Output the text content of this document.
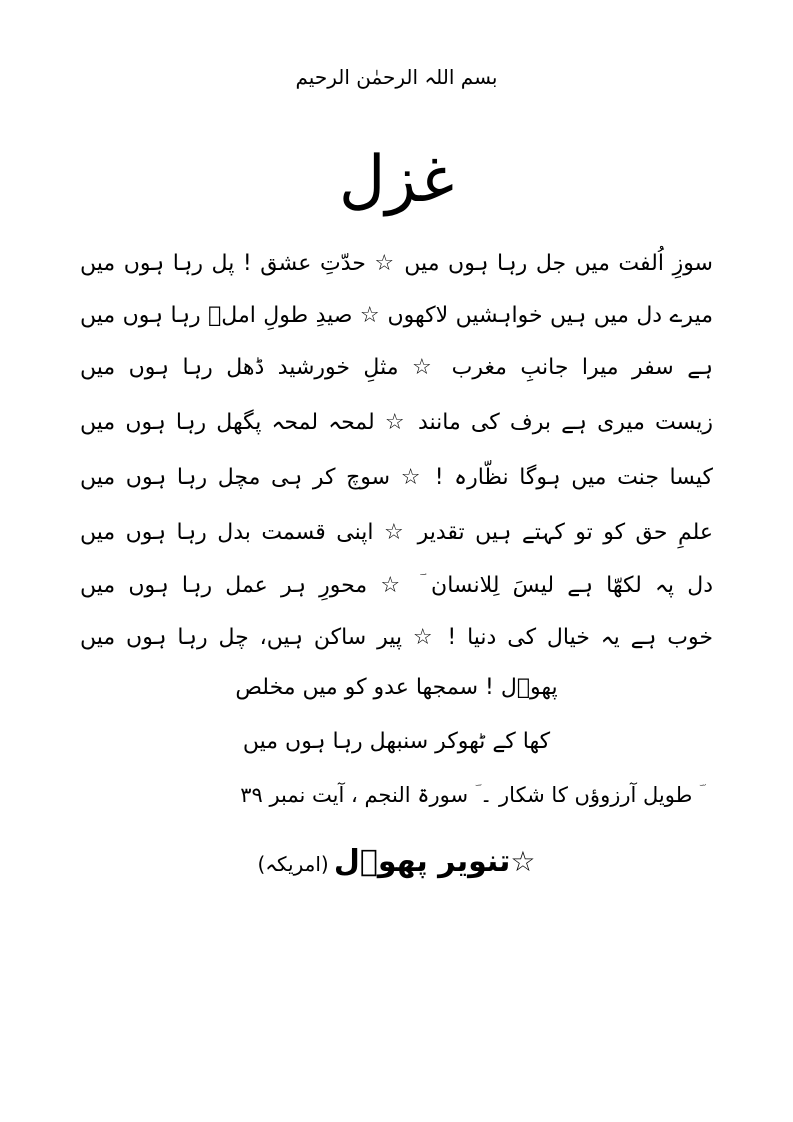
بسم اللہ الرحمٰن الرحیم
غزل
سوزِ اُلفت میں جل رہا ہوں میں ☆ حدّتِ عشق ! پل رہا ہوں میں
میرے دل میں ہیں خواہشیں لاکھوں ☆ صیدِ طولِ املؔ رہا ہوں میں
ہے سفر میرا جانبِ مغرب ☆ مثلِ خورشید ڈھل رہا ہوں میں
زیست میری ہے برف کی مانند ☆ لمحہ لمحہ پگھل رہا ہوں میں
کیسا جنت میں ہوگا نظّارہ ! ☆ سوچ کر ہی مچل رہا ہوں میں
علمِ حق کو تو کہتے ہیں تقدیر ☆ اپنی قسمت بدل رہا ہوں میں
دل پہ لکھّا ہے لیسَ لِلانسان ؔ ☆ محورِ ہر عمل رہا ہوں میں
خوب ہے یہ خیال کی دنیا ! ☆ پیر ساکن ہیں، چل رہا ہوں میں
پھوؔل ! سمجھا عدو کو میں مخلص
کھا کے ٹھوکر سنبھل رہا ہوں میں
ؔ طویل آرزوؤں کا شکار ۔ ؔ سورۃ النجم ، آیت نمبر ۳۹
☆تنویر پھوؔل (امریکہ)
